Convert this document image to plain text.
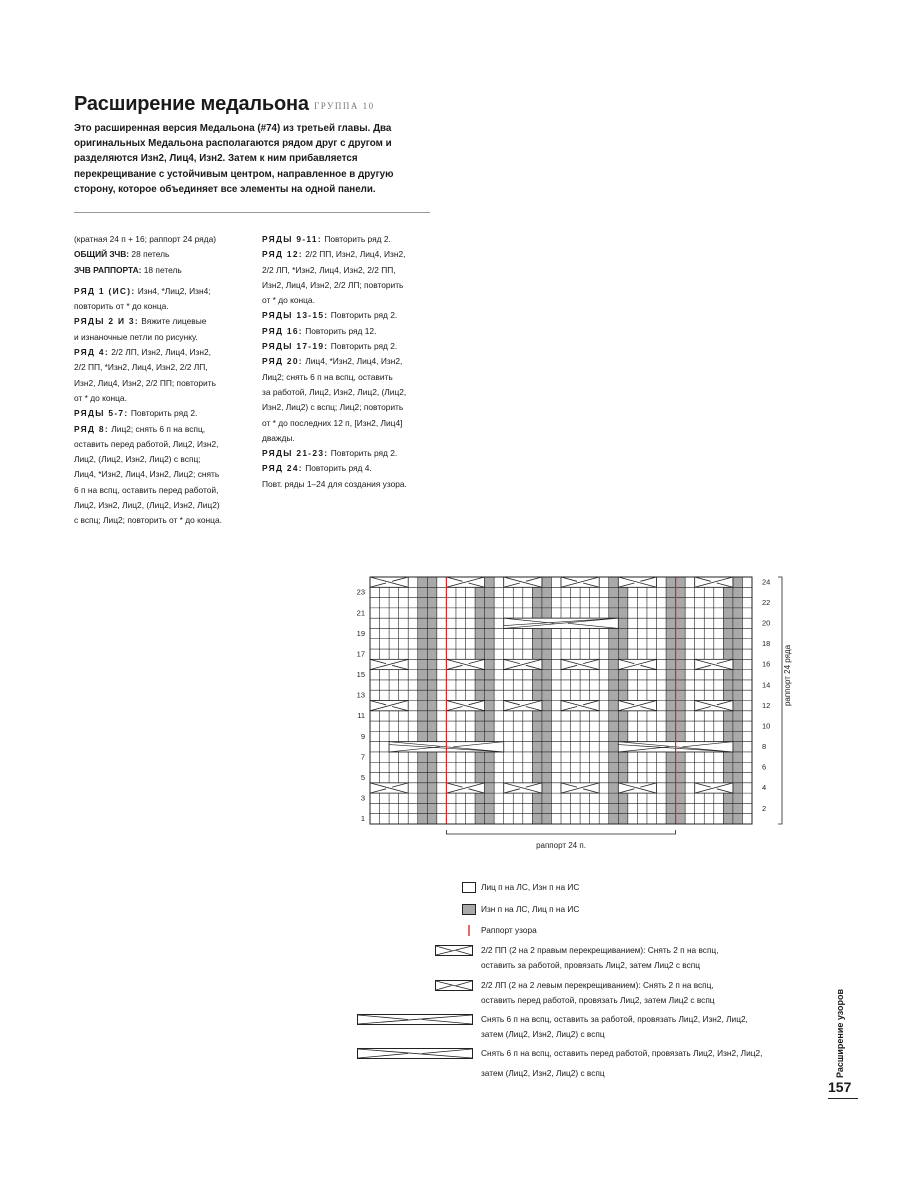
Расширение медальона ГРУППА 10
Это расширенная версия Медальона (#74) из третьей главы. Два оригинальных Медальона располагаются рядом друг с другом и разделяются Изн2, Лиц4, Изн2. Затем к ним прибавляется перекрещивание с устойчивым центром, направленное в другую сторону, которое объединяет все элементы на одной панели.

(кратная 24 п + 16; раппорт 24 ряда)

ОБЩИЙ ЗЧВ: 28 петель

ЗЧВ РАППОРТА: 18 петель

РЯД 1 (ИС): Изн4, *Лиц2, Изн4;

повторить от * до конца.

РЯДЫ 2 И 3: Вяжите лицевые

и изнаночные петли по рисунку.

РЯД 4: 2/2 ЛП, Изн2, Лиц4, Изн2,

2/2 ПП, *Изн2, Лиц4, Изн2, 2/2 ЛП,

Изн2, Лиц4, Изн2, 2/2 ПП; повторить

от * до конца.

РЯДЫ 5-7: Повторить ряд 2.

РЯД 8: Лиц2; снять 6 п на вспц,

оставить перед работой, Лиц2, Изн2,

Лиц2, (Лиц2, Изн2, Лиц2) с вспц;

Лиц4, *Изн2, Лиц4, Изн2, Лиц2; снять

6 п на вспц, оставить перед работой,

Лиц2, Изн2, Лиц2, (Лиц2, Изн2, Лиц2)

с вспц; Лиц2; повторить от * до конца.

РЯДЫ 9-11: Повторить ряд 2.

РЯД 12: 2/2 ПП, Изн2, Лиц4, Изн2,

2/2 ЛП, *Изн2, Лиц4, Изн2, 2/2 ПП,

Изн2, Лиц4, Изн2, 2/2 ЛП; повторить

от * до конца.

РЯДЫ 13-15: Повторить ряд 2.

РЯД 16: Повторить ряд 12.

РЯДЫ 17-19: Повторить ряд 2.

РЯД 20: Лиц4, *Изн2, Лиц4, Изн2,

Лиц2; снять 6 п на вспц, оставить

за работой, Лиц2, Изн2, Лиц2, (Лиц2,

Изн2, Лиц2) с вспц; Лиц2; повторить

от * до последних 12 п, [Изн2, Лиц4]

дважды.

РЯДЫ 21-23: Повторить ряд 2.

РЯД 24: Повторить ряд 4.

Повт. ряды 1–24 для создания узора.

1
3
5
7
9
11
13
15
17
19
21
23
2
4
6
8
10
12
14
16
18
20
22
24
раппорт 24 п.
раппорт 24 ряда
Лиц п на ЛС, Изн п на ИС
Изн п на ЛС, Лиц п на ИС
Раппорт узора
2/2 ПП (2 на 2 правым перекрещиванием): Снять 2 п на вспц,
оставить за работой, провязать Лиц2, затем Лиц2 с вспц
2/2 ЛП (2 на 2 левым перекрещиванием): Снять 2 п на вспц,
оставить перед работой, провязать Лиц2, затем Лиц2 с вспц
Снять 6 п на вспц, оставить за работой, провязать Лиц2, Изн2, Лиц2,
затем (Лиц2, Изн2, Лиц2) с вспц
Снять 6 п на вспц, оставить перед работой, провязать Лиц2, Изн2, Лиц2,
затем (Лиц2, Изн2, Лиц2) с вспц	Расширение узоров
157
